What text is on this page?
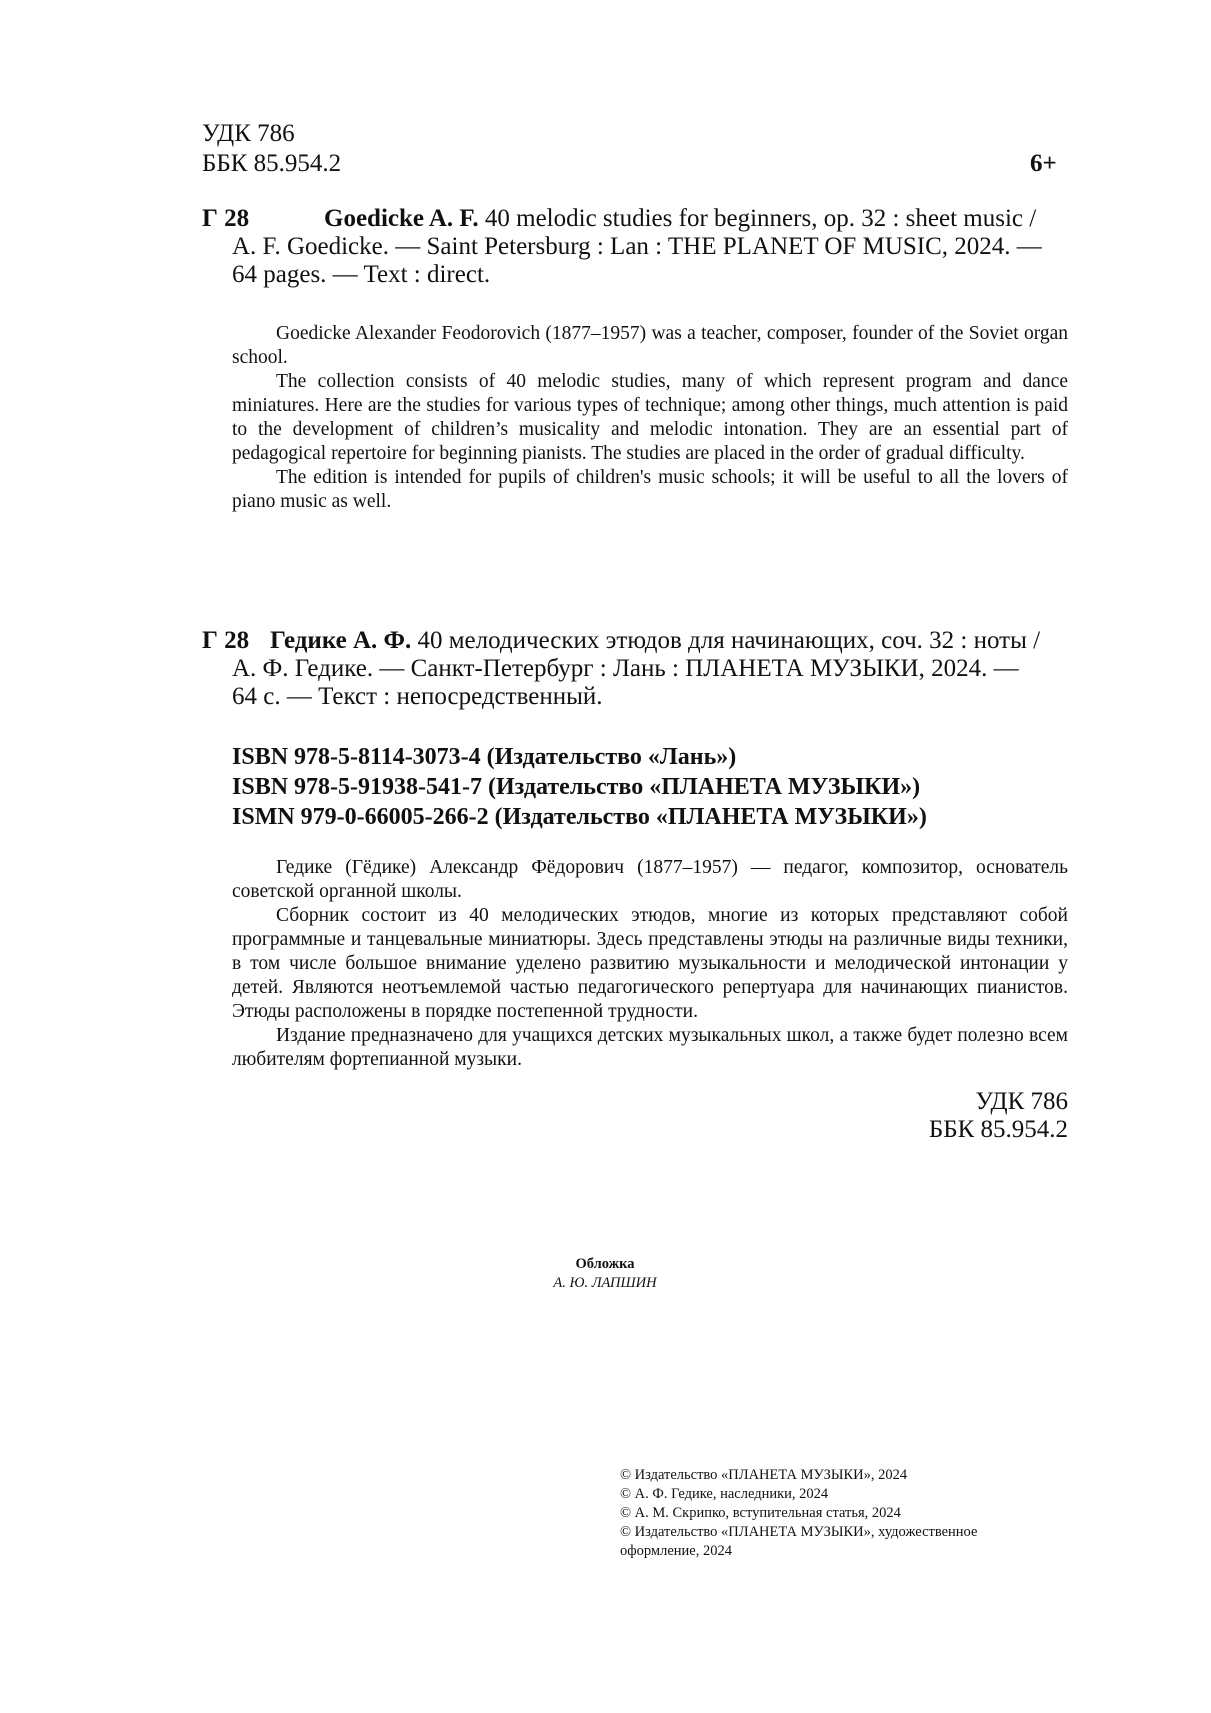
УДК 786
ББК 85.954.2	6+
Г 28	Goedicke A. F. 40 melodic studies for beginners, op. 32 : sheet music /
A. F. Goedicke. — Saint Petersburg : Lan : THE PLANET OF MUSIC, 2024. —
64 pages. — Text : direct.

Goedicke Alexander Feodorovich (1877–1957) was a teacher, composer, founder of the Soviet organ school.

The collection consists of 40 melodic studies, many of which represent program and dance miniatures. Here are the studies for various types of technique; among other things, much attention is paid to the development of children’s musicality and melodic intonation. They are an essential part of pedagogical repertoire for beginning pianists. The studies are placed in the order of gradual difficulty.

The edition is intended for pupils of children's music schools; it will be useful to all the lovers of piano music as well.

Г 28 Гедике А. Ф. 40 мелодических этюдов для начинающих, соч. 32 : ноты /
А. Ф. Гедике. — Санкт-Петербург : Лань : ПЛАНЕТА МУЗЫКИ, 2024. —
64 с. — Текст : непосредственный.
ISBN 978-5-8114-3073-4 (Издательство «Лань»)
ISBN 978-5-91938-541-7 (Издательство «ПЛАНЕТА МУЗЫКИ»)
ISMN 979-0-66005-266-2 (Издательство «ПЛАНЕТА МУЗЫКИ»)

Гедике (Гёдике) Александр Фёдорович (1877–1957) — педагог, композитор, основатель советской органной школы.

Сборник состоит из 40 мелодических этюдов, многие из которых представляют собой программные и танцевальные миниатюры. Здесь представлены этюды на различные виды техники, в том числе большое внимание уделено развитию музыкальности и мелодической интонации у детей. Являются неотъемлемой частью педагогического репертуара для начинающих пианистов. Этюды расположены в порядке постепенной трудности.

Издание предназначено для учащихся детских музыкальных школ, а также будет полезно всем любителям фортепианной музыки.

УДК 786
ББК 85.954.2
Обложка
А. Ю. ЛАПШИН
© Издательство «ПЛАНЕТА МУЗЫКИ», 2024
© А. Ф. Гедике, наследники, 2024
© А. М. Скрипко, вступительная статья, 2024
© Издательство «ПЛАНЕТА МУЗЫКИ», художественное оформление, 2024
